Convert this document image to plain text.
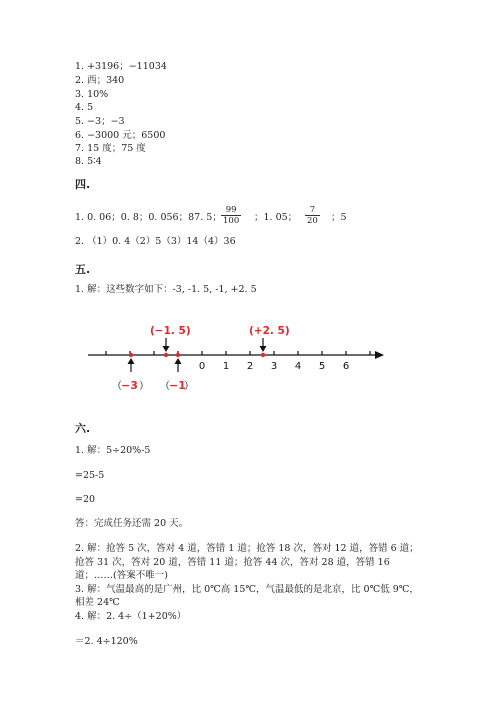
1. +3196；−11034
2. 西；340
3. 10%
4. 5
5. −3；−3
6. −3000 元；6500
7. 15 度；75 度
8. 5∶4
四.
1. 0. 06；0. 8；0. 056；87. 5； $\frac{99}{100}$ ；1. 05； $\frac{7}{20}$ ；5
2. （1）0. 4（2）5（3）14（4）36
五.
1. 解：这些数字如下：-3, -1. 5, -1, +2. 5
0 1 2 3 4 5 6
(−1. 5)	(+2. 5)
（ −3 ） （ −1
）
六.
1. 解：5÷20%-5
=25-5
=20
答：完成任务还需 20 天。
2. 解：抢答 5 次，答对 4 道，答错 1 道；抢答 18 次，答对 12 道，答错 6 道；
抢答 31 次，答对 20 道，答错 11 道；抢答 44 次，答对 28 道，答错 16
道；……(答案不唯一)
3. 解：气温最高的是广州，比 0℃高 15℃，气温最低的是北京，比 0℃低 9℃，
相差 24℃
4. 解：2. 4÷（1+20%）
＝2. 4÷120%
